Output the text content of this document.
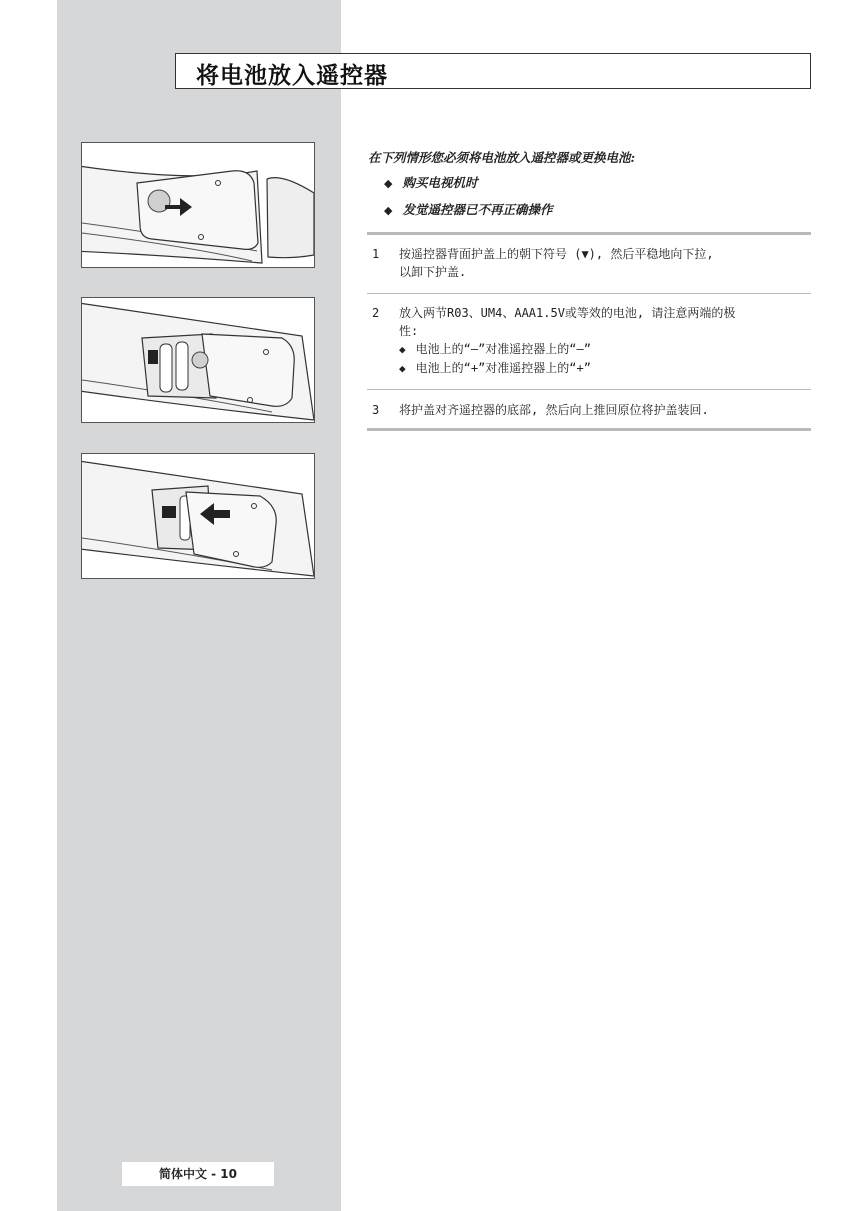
将电池放入遥控器
在下列情形您必须将电池放入遥控器或更换电池:
◆ 购买电视机时
◆ 发觉遥控器已不再正确操作
1	按遥控器背面护盖上的朝下符号 (▼), 然后平稳地向下拉,
以卸下护盖.
2	放入两节R03、UM4、AAA1.5V或等效的电池, 请注意两端的极
性:
◆ 电池上的“—”对准遥控器上的“—”
◆ 电池上的“+”对准遥控器上的“+”
3	将护盖对齐遥控器的底部, 然后向上推回原位将护盖装回.
简体中文 - 10
